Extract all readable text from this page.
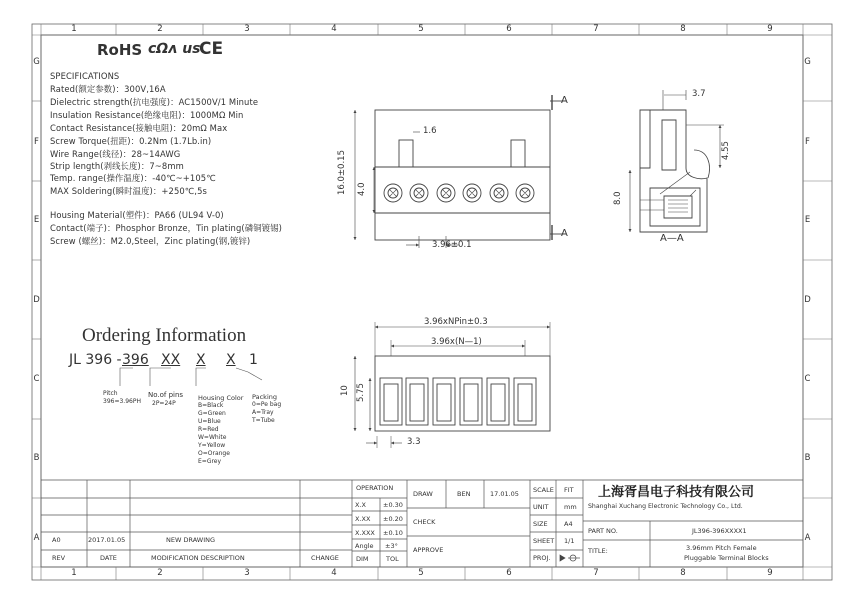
1	2	3	4	5	6	7	8	9
1	2	3	4	5	6	7	8	9
G
F
E
D
C
B
A
G
F
E
D
C
B
A
RoHS cΩʌ us
CE
SPECIFICATIONS
Rated(额定参数)：300V,16A
Dielectric strength(抗电强度)：AC1500V/1 Minute
Insulation Resistance(绝缘电阻)：1000MΩ Min
Contact Resistance(接触电阻)：20mΩ Max
Screw Torque(扭距)：0.2Nm (1.7Lb.in)
Wire Range(线径)：28~14AWG
Strip length(剥线长度)：7~8mm
Temp. range(操作温度)：-40℃~+105℃
MAX Soldering(瞬时温度)：+250℃,5s
Housing Material(塑件)：PA66 (UL94 V-0)
Contact(端子)：Phosphor Bronze，Tin plating(磷铜镀锡)
Screw (螺丝)：M2.0,Steel，Zinc plating(钢,镀锌)
Ordering Information
JL 396 - 396 XX X X 1
Pitch
396=3.96PH
No.of pins
2P=24P
Housing Color
B=Black
G=Green
U=Blue
R=Red
W=White
Y=Yellow
O=Orange
E=Grey
Packing
0=Pe bag
A=Tray
T=Tube
1.6
16.0±0.15 4.0
3.96±0.1
A
A
3.7
4.55
8.0
A—A
3.96xNPin±0.3
3.96x(N—1)
10 5.75
3.3
OPERATION
X.X	±0.30
X.XX ±0.20
X.XXX ±0.10
Angle ±3°
DIM	TOL
DRAW	BEN	17.01.05
CHECK
APPROVE
SCALE FIT
UNIT mm
SIZE	A4
SHEET 1/1
PROJ.
上海胥昌电子科技有限公司
Shanghai Xuchang Electronic Technology Co., Ltd.
PART NO.	JL396-396XXXX1
TITLE:	3.96mm Pitch Female
Pluggable Terminal Blocks
A0	2017.01.05	NEW DRAWING
REV	DATE	MODIFICATION DESCRIPTION	CHANGE
